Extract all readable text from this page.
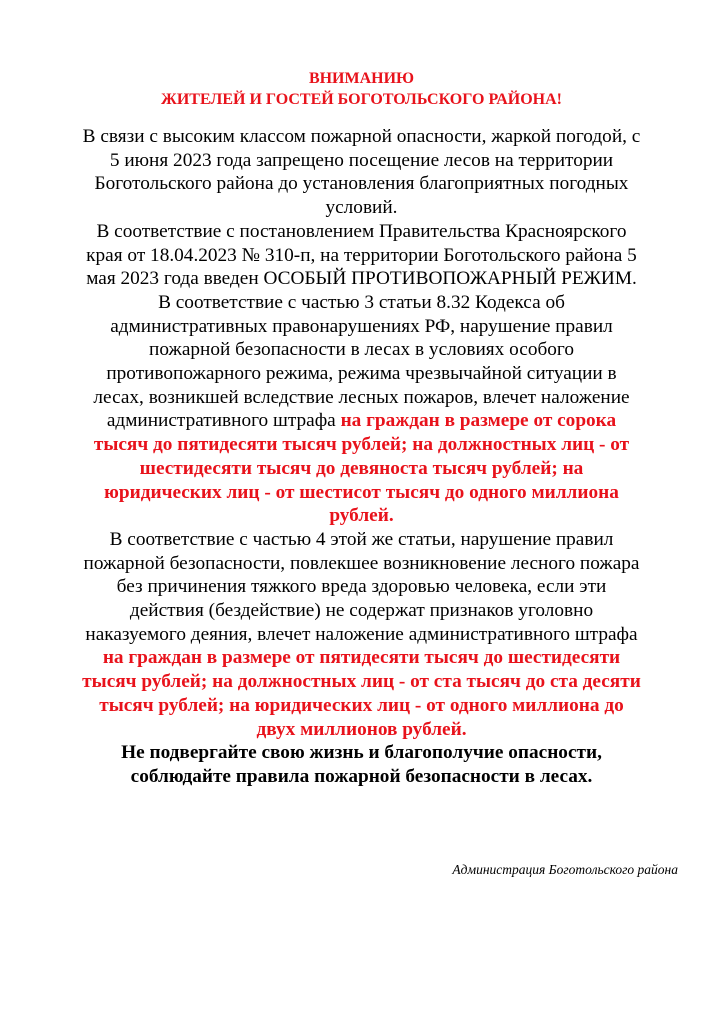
ВНИМАНИЮ
ЖИТЕЛЕЙ И ГОСТЕЙ БОГОТОЛЬСКОГО РАЙОНА!
В связи с высоким классом пожарной опасности, жаркой погодой, с
5 июня 2023 года запрещено посещение лесов на территории
Боготольского района до установления благоприятных погодных
условий.
В соответствие с постановлением Правительства Красноярского
края от 18.04.2023 № 310-п, на территории Боготольского района 5
мая 2023 года введен ОСОБЫЙ ПРОТИВОПОЖАРНЫЙ РЕЖИМ.
В соответствие с частью 3 статьи 8.32 Кодекса об
административных правонарушениях РФ, нарушение правил
пожарной безопасности в лесах в условиях особого
противопожарного режима, режима чрезвычайной ситуации в
лесах, возникшей вследствие лесных пожаров, влечет наложение
административного штрафа на граждан в размере от сорока
тысяч до пятидесяти тысяч рублей; на должностных лиц - от
шестидесяти тысяч до девяноста тысяч рублей; на
юридических лиц - от шестисот тысяч до одного миллиона
рублей.
В соответствие с частью 4 этой же статьи, нарушение правил
пожарной безопасности, повлекшее возникновение лесного пожара
без причинения тяжкого вреда здоровью человека, если эти
действия (бездействие) не содержат признаков уголовно
наказуемого деяния, влечет наложение административного штрафа
на граждан в размере от пятидесяти тысяч до шестидесяти
тысяч рублей; на должностных лиц - от ста тысяч до ста десяти
тысяч рублей; на юридических лиц - от одного миллиона до
двух миллионов рублей.
Не подвергайте свою жизнь и благополучие опасности,
соблюдайте правила пожарной безопасности в лесах.
Администрация Боготольского района
